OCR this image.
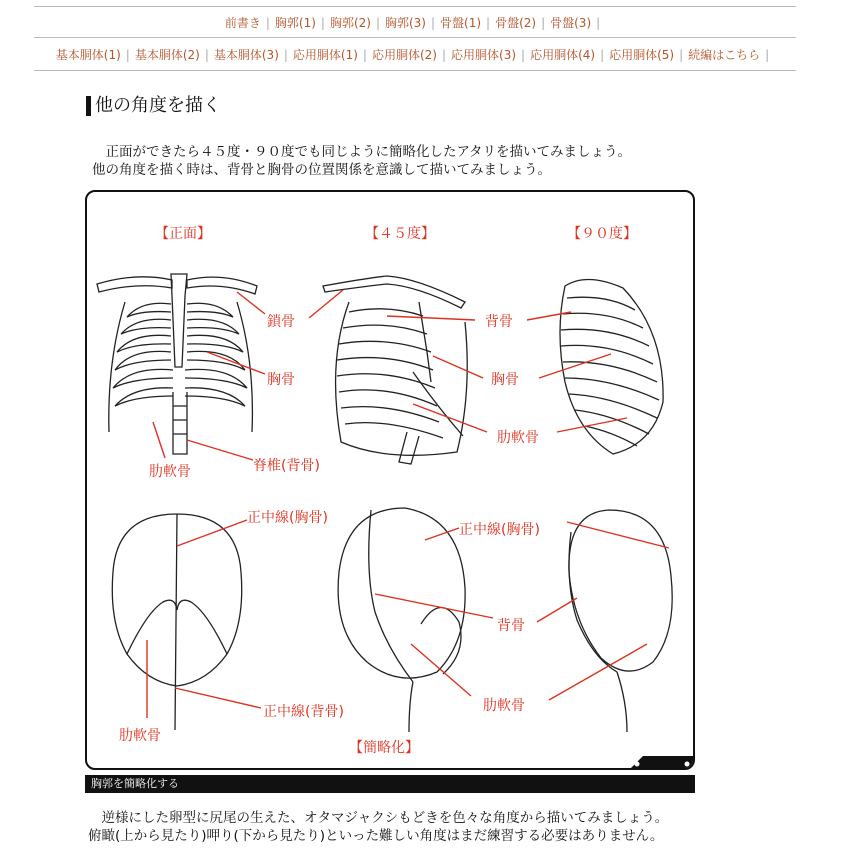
前書き | 胸郭(1) | 胸郭(2) | 胸郭(3) | 骨盤(1) | 骨盤(2) | 骨盤(3) |
基本胴体(1) | 基本胴体(2) | 基本胴体(3) | 応用胴体(1) | 応用胴体(2) | 応用胴体(3) | 応用胴体(4) | 応用胴体(5) | 続編はこちら |
他の角度を描く
　正面ができたら４５度・９０度でも同じように簡略化したアタリを描いてみましょう。
他の角度を描く時は、背骨と胸骨の位置関係を意識して描いてみましょう。
【正面】	【４５度】	【９０度】
鎖骨
胸骨
肋軟骨	脊椎(背骨)
背骨
胸骨
肋軟骨
正中線(胸骨)
正中線(胸骨)
正中線(背骨)
背骨
肋軟骨
肋軟骨
【簡略化】
胸郭を簡略化する
　逆様にした卵型に尻尾の生えた、オタマジャクシもどきを色々な角度から描いてみましょう。
俯瞰(上から見たり)呷り(下から見たり)といった難しい角度はまだ練習する必要はありません。
